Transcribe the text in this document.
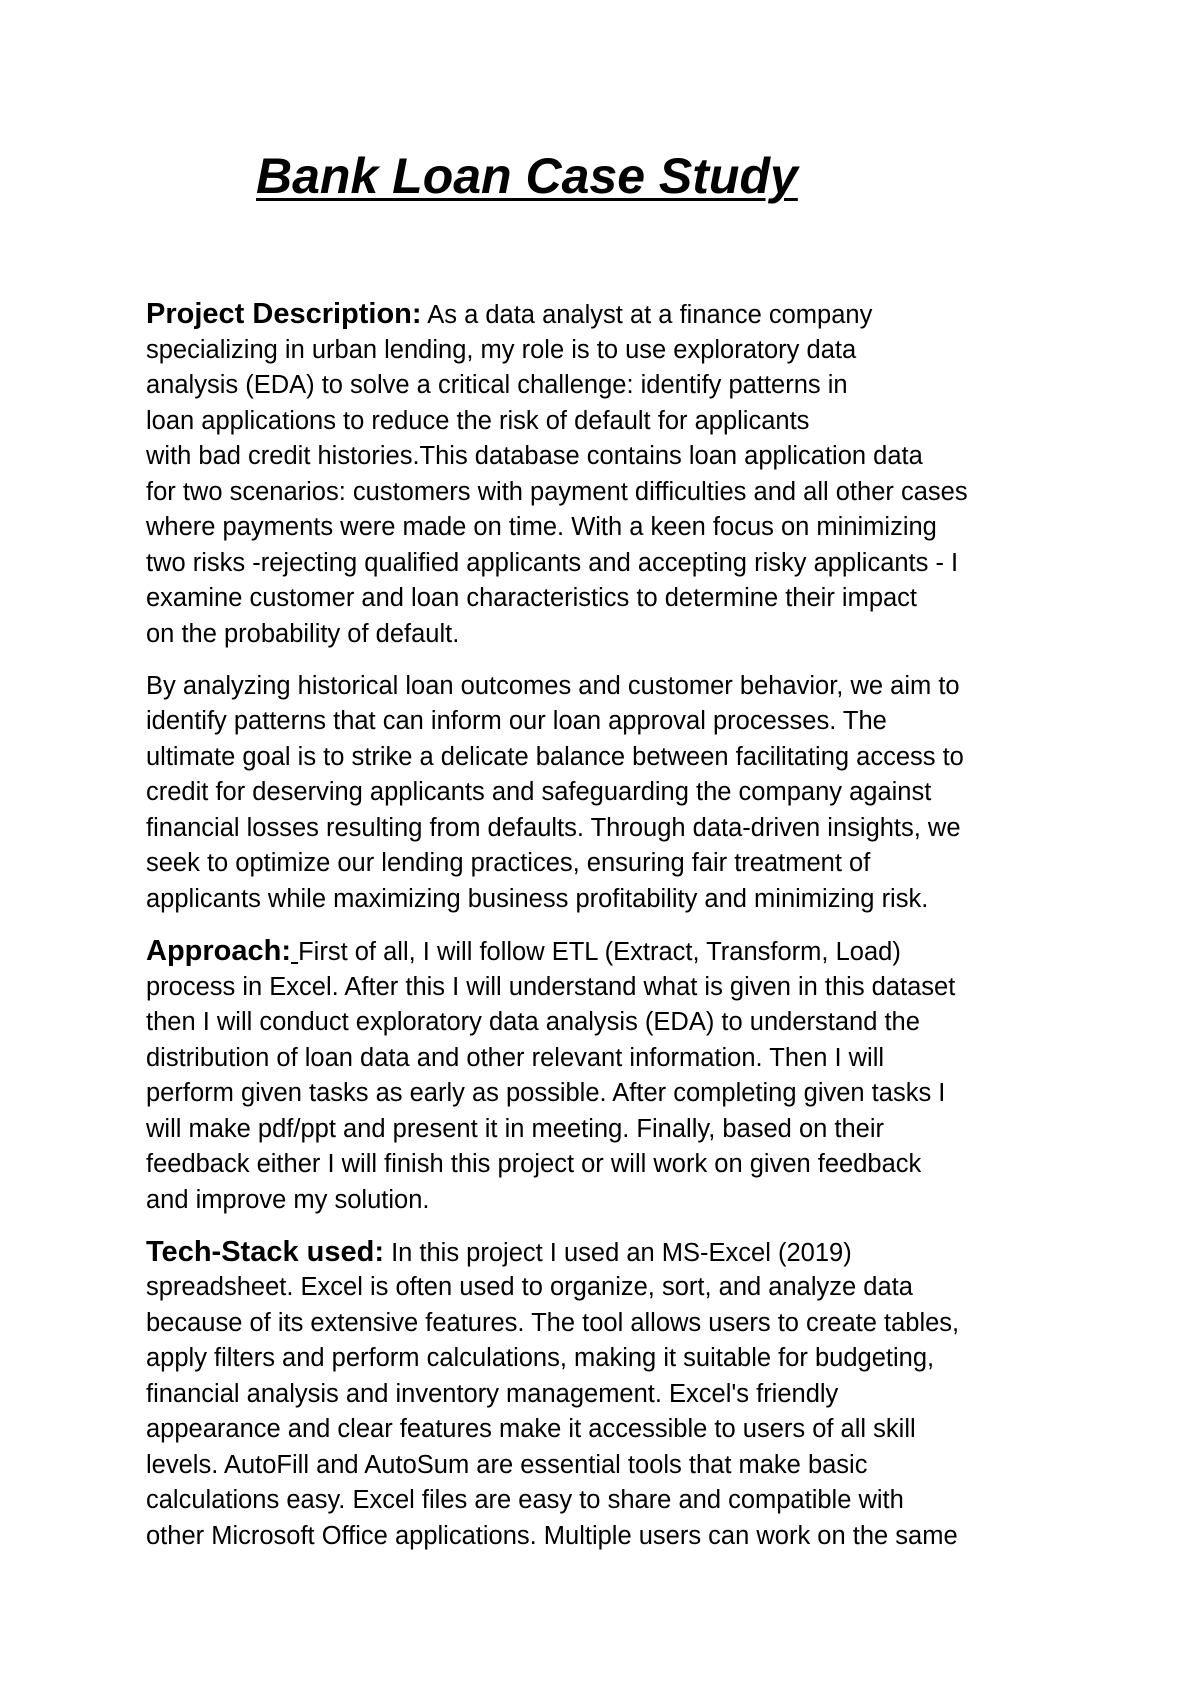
Bank Loan Case Study

Project Description: As a data analyst at a finance company

specializing in urban lending, my role is to use exploratory data

analysis (EDA) to solve a critical challenge: identify patterns in

loan applications to reduce the risk of default for applicants

with bad credit histories.This database contains loan application data

for two scenarios: customers with payment difficulties and all other cases

where payments were made on time. With a keen focus on minimizing

two risks -rejecting qualified applicants and accepting risky applicants - I

examine customer and loan characteristics to determine their impact

on the probability of default.

By analyzing historical loan outcomes and customer behavior, we aim to

identify patterns that can inform our loan approval processes. The

ultimate goal is to strike a delicate balance between facilitating access to

credit for deserving applicants and safeguarding the company against

financial losses resulting from defaults. Through data-driven insights, we

seek to optimize our lending practices, ensuring fair treatment of

applicants while maximizing business profitability and minimizing risk.

Approach: First of all, I will follow ETL (Extract, Transform, Load)

process in Excel. After this I will understand what is given in this dataset

then I will conduct exploratory data analysis (EDA) to understand the

distribution of loan data and other relevant information. Then I will

perform given tasks as early as possible. After completing given tasks I

will make pdf/ppt and present it in meeting. Finally, based on their

feedback either I will finish this project or will work on given feedback

and improve my solution.

Tech-Stack used: In this project I used an MS-Excel (2019)

spreadsheet. Excel is often used to organize, sort, and analyze data

because of its extensive features. The tool allows users to create tables,

apply filters and perform calculations, making it suitable for budgeting,

financial analysis and inventory management. Excel's friendly

appearance and clear features make it accessible to users of all skill

levels. AutoFill and AutoSum are essential tools that make basic

calculations easy. Excel files are easy to share and compatible with

other Microsoft Office applications. Multiple users can work on the same
